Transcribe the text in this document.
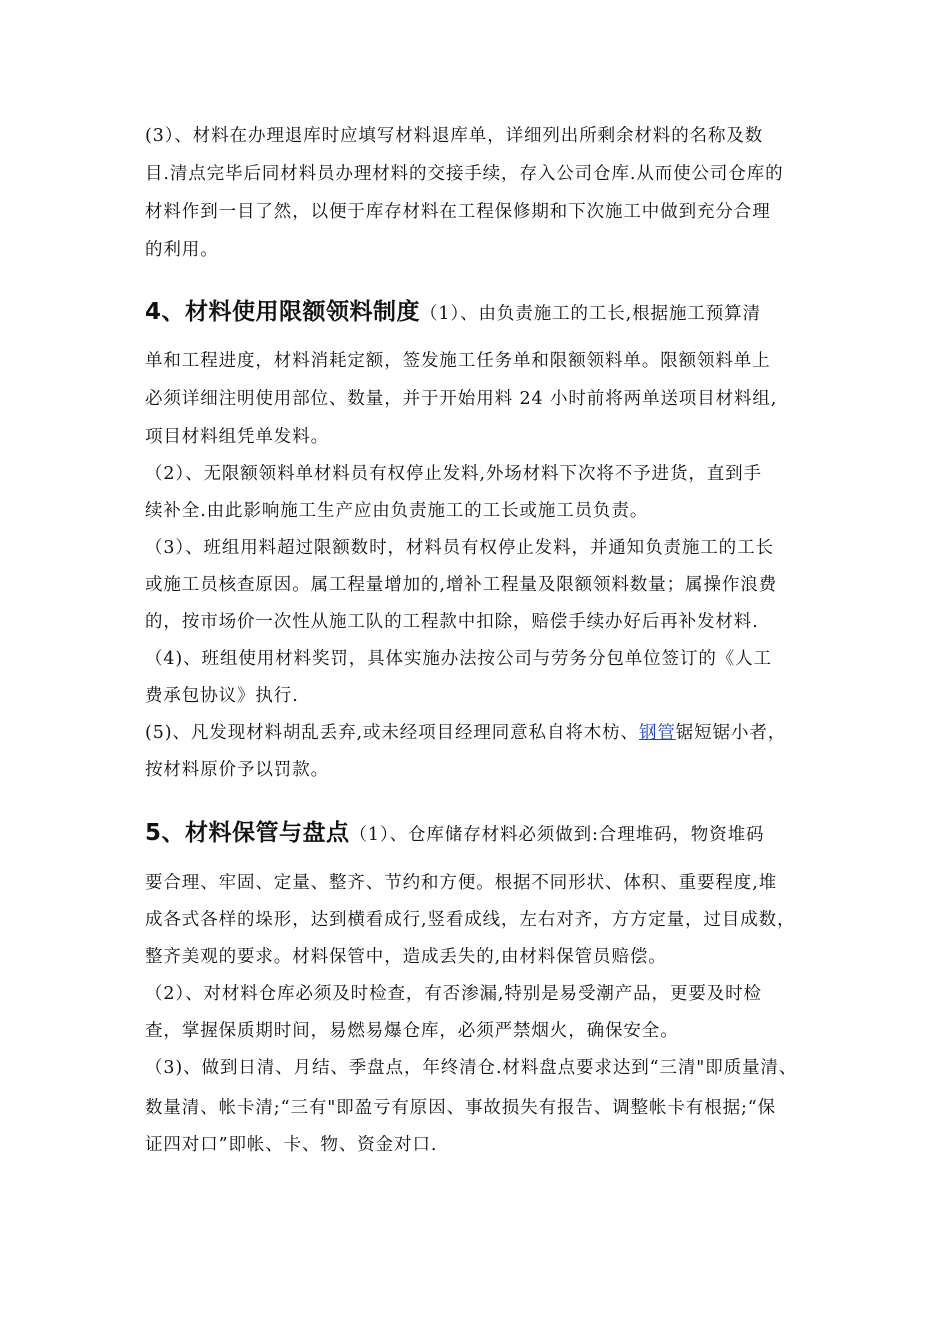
(3）、材料在办理退库时应填写材料退库单，详细列出所剩余材料的名称及数
目.清点完毕后同材料员办理材料的交接手续，存入公司仓库.从而使公司仓库的
材料作到一目了然，以便于库存材料在工程保修期和下次施工中做到充分合理
的利用。
4、材料使用限额领料制度（1）、由负责施工的工长,根据施工预算清
单和工程进度，材料消耗定额，签发施工任务单和限额领料单。限额领料单上
必须详细注明使用部位、数量，并于开始用料 24 小时前将两单送项目材料组,
项目材料组凭单发料。
（2）、无限额领料单材料员有权停止发料,外场材料下次将不予进货，直到手
续补全.由此影响施工生产应由负责施工的工长或施工员负责。
（3）、班组用料超过限额数时，材料员有权停止发料，并通知负责施工的工长
或施工员核查原因。属工程量增加的,增补工程量及限额领料数量；属操作浪费
的，按市场价一次性从施工队的工程款中扣除，赔偿手续办好后再补发材料.
（4)、班组使用材料奖罚，具体实施办法按公司与劳务分包单位签订的《人工
费承包协议》执行.
(5)、凡发现材料胡乱丢弃,或未经项目经理同意私自将木枋、钢管锯短锯小者，
按材料原价予以罚款。
5、材料保管与盘点（1）、仓库储存材料必须做到:合理堆码，物资堆码
要合理、牢固、定量、整齐、节约和方便。根据不同形状、体积、重要程度,堆
成各式各样的垛形，达到横看成行,竖看成线，左右对齐，方方定量，过目成数，
整齐美观的要求。材料保管中，造成丢失的,由材料保管员赔偿。
（2）、对材料仓库必须及时检查，有否渗漏,特别是易受潮产品，更要及时检
查，掌握保质期时间，易燃易爆仓库，必须严禁烟火，确保安全。
（3)、做到日清、月结、季盘点，年终清仓.材料盘点要求达到“三清"即质量清、
数量清、帐卡清;“三有"即盈亏有原因、事故损失有报告、调整帐卡有根据;“保
证四对口”即帐、卡、物、资金对口.
